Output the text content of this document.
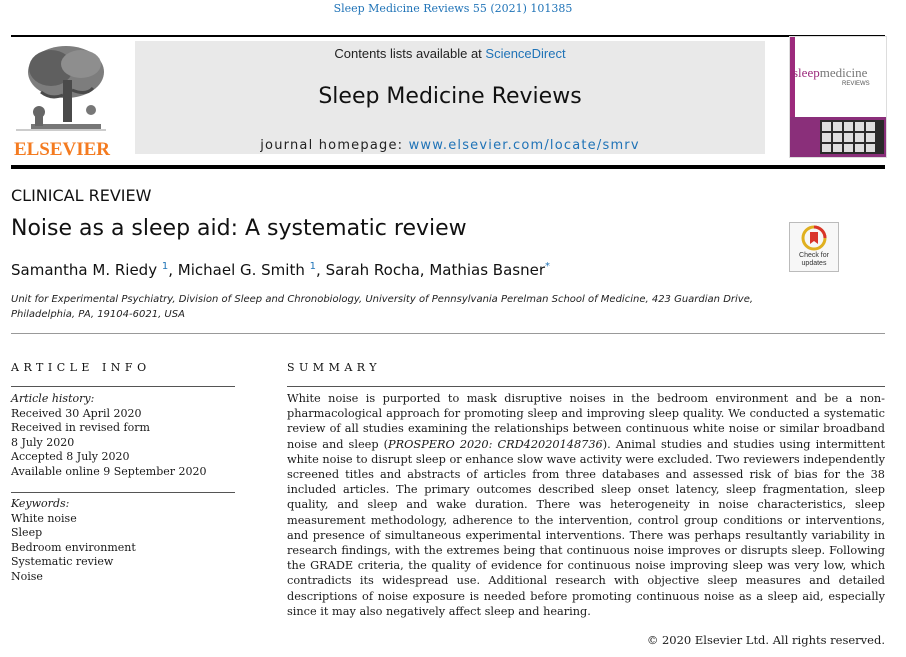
Sleep Medicine Reviews 55 (2021) 101385
ELSEVIER
Contents lists available at ScienceDirect
Sleep Medicine Reviews
journal homepage: www.elsevier.com/locate/smrv
sleepmedicine
REVIEWS
CLINICAL REVIEW
Noise as a sleep aid: A systematic review
Check for
updates
Samantha M. Riedy $^1$, Michael G. Smith $^1$, Sarah Rocha, Mathias Basner*
Unit for Experimental Psychiatry, Division of Sleep and Chronobiology, University of Pennsylvania Perelman School of Medicine, 423 Guardian Drive,
Philadelphia, PA, 19104-6021, USA
ARTICLE INFO
Article history:
Received 30 April 2020
Received in revised form
8 July 2020
Accepted 8 July 2020
Available online 9 September 2020
Keywords:
White noise
Sleep
Bedroom environment
Systematic review
Noise
SUMMARY
White noise is purported to mask disruptive noises in the bedroom environment and be a non-pharmacological approach for promoting sleep and improving sleep quality. We conducted a systematic review of all studies examining the relationships between continuous white noise or similar broadband noise and sleep (PROSPERO 2020: CRD42020148736). Animal studies and studies using intermittent white noise to disrupt sleep or enhance slow wave activity were excluded. Two reviewers independently screened titles and abstracts of articles from three databases and assessed risk of bias for the 38 included articles. The primary outcomes described sleep onset latency, sleep fragmentation, sleep quality, and sleep and wake duration. There was heterogeneity in noise characteristics, sleep measurement methodology, adherence to the intervention, control group conditions or interventions, and presence of simultaneous experimental interventions. There was perhaps resultantly variability in research findings, with the extremes being that continuous noise improves or disrupts sleep. Following the GRADE criteria, the quality of evidence for continuous noise improving sleep was very low, which contradicts its widespread use. Additional research with objective sleep measures and detailed descriptions of noise exposure is needed before promoting continuous noise as a sleep aid, especially since it may also negatively affect sleep and hearing.
© 2020 Elsevier Ltd. All rights reserved.
